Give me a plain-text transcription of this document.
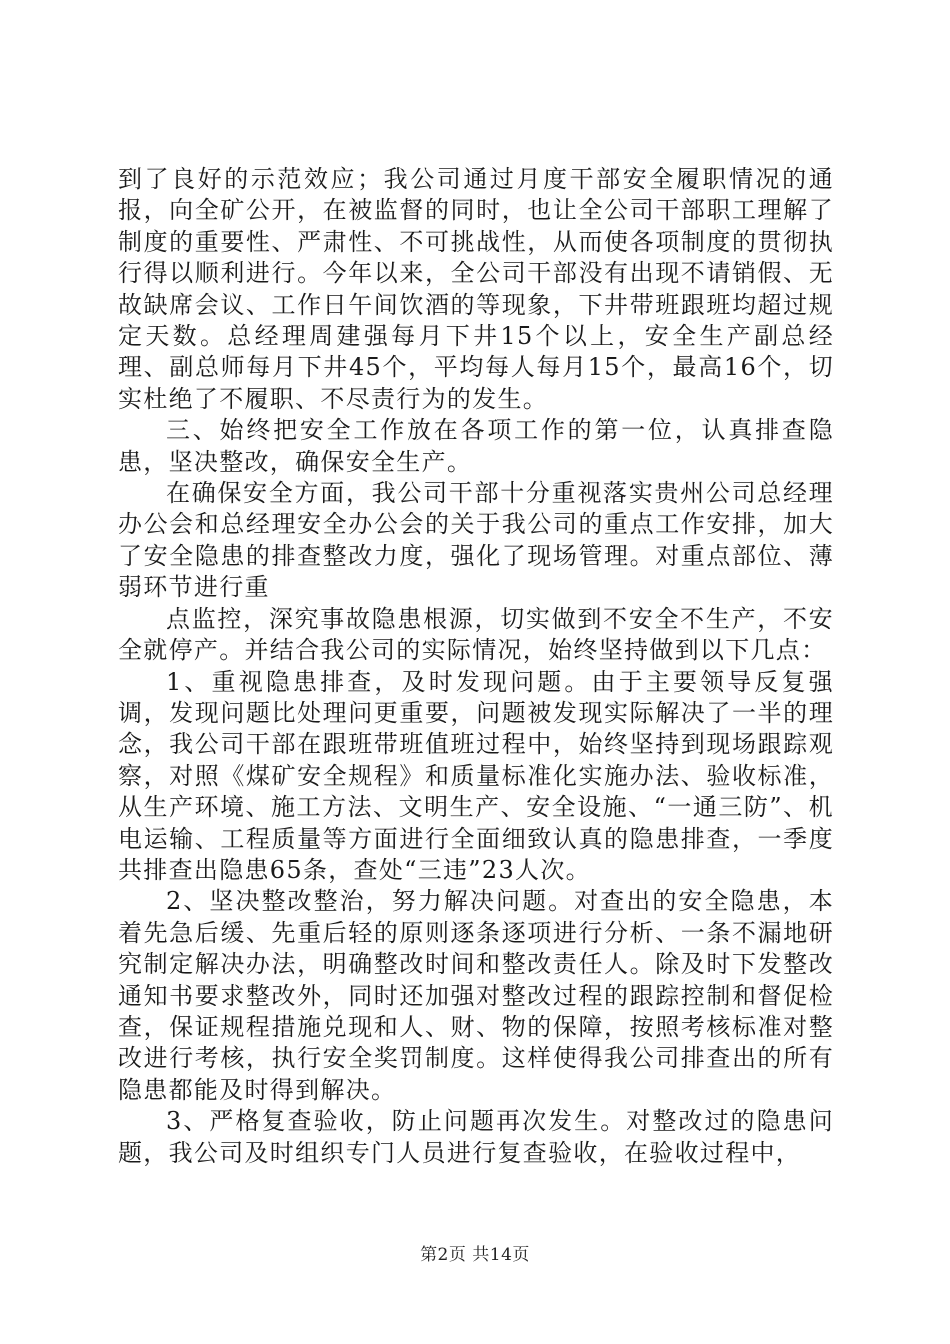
到了良好的示范效应；我公司通过月度干部安全履职情况的通报，向全矿公开，在被监督的同时，也让全公司干部职工理解了制度的重要性、严肃性、不可挑战性，从而使各项制度的贯彻执行得以顺利进行。今年以来，全公司干部没有出现不请销假、无故缺席会议、工作日午间饮酒的等现象，下井带班跟班均超过规定天数。总经理周建强每月下井15个以上，安全生产副总经理、副总师每月下井45个，平均每人每月15个，最高16个，切实杜绝了不履职、不尽责行为的发生。

三、始终把安全工作放在各项工作的第一位，认真排查隐患，坚决整改，确保安全生产。

在确保安全方面，我公司干部十分重视落实贵州公司总经理办公会和总经理安全办公会的关于我公司的重点工作安排，加大了安全隐患的排查整改力度，强化了现场管理。对重点部位、薄弱环节进行重

点监控，深究事故隐患根源，切实做到不安全不生产，不安全就停产。并结合我公司的实际情况，始终坚持做到以下几点：

1、重视隐患排查，及时发现问题。由于主要领导反复强调，发现问题比处理问更重要，问题被发现实际解决了一半的理念，我公司干部在跟班带班值班过程中，始终坚持到现场跟踪观察，对照《煤矿安全规程》和质量标准化实施办法、验收标准，从生产环境、施工方法、文明生产、安全设施、“一通三防”、机电运输、工程质量等方面进行全面细致认真的隐患排查，一季度共排查出隐患65条，查处“三违”23人次。

2、坚决整改整治，努力解决问题。对查出的安全隐患，本着先急后缓、先重后轻的原则逐条逐项进行分析、一条不漏地研究制定解决办法，明确整改时间和整改责任人。除及时下发整改通知书要求整改外，同时还加强对整改过程的跟踪控制和督促检查，保证规程措施兑现和人、财、物的保障，按照考核标准对整改进行考核，执行安全奖罚制度。这样使得我公司排查出的所有隐患都能及时得到解决。

3、严格复查验收，防止问题再次发生。对整改过的隐患问题，我公司及时组织专门人员进行复查验收，在验收过程中，

第2页 共14页
